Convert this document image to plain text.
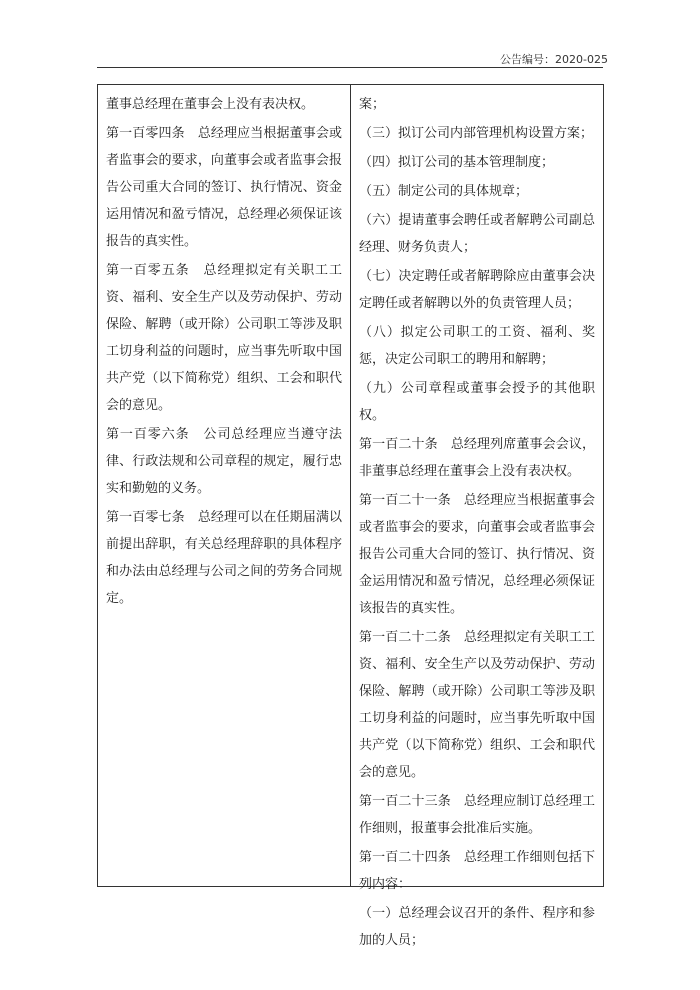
公告编号：2020-025

董事总经理在董事会上没有表决权。

第一百零四条　总经理应当根据董事会或者监事会的要求，向董事会或者监事会报告公司重大合同的签订、执行情况、资金运用情况和盈亏情况，总经理必须保证该报告的真实性。

第一百零五条　总经理拟定有关职工工资、福利、安全生产以及劳动保护、劳动保险、解聘（或开除）公司职工等涉及职工切身利益的问题时，应当事先听取中国共产党（以下简称党）组织、工会和职代会的意见。

第一百零六条　公司总经理应当遵守法律、行政法规和公司章程的规定，履行忠实和勤勉的义务。

第一百零七条　总经理可以在任期届满以前提出辞职，有关总经理辞职的具体程序和办法由总经理与公司之间的劳务合同规定。

案；

（三）拟订公司内部管理机构设置方案；

（四）拟订公司的基本管理制度；

（五）制定公司的具体规章；

（六）提请董事会聘任或者解聘公司副总经理、财务负责人；

（七）决定聘任或者解聘除应由董事会决定聘任或者解聘以外的负责管理人员；

（八）拟定公司职工的工资、福利、奖惩，决定公司职工的聘用和解聘；

（九）公司章程或董事会授予的其他职权。

第一百二十条　总经理列席董事会会议，非董事总经理在董事会上没有表决权。

第一百二十一条　总经理应当根据董事会或者监事会的要求，向董事会或者监事会报告公司重大合同的签订、执行情况、资金运用情况和盈亏情况，总经理必须保证该报告的真实性。

第一百二十二条　总经理拟定有关职工工资、福利、安全生产以及劳动保护、劳动保险、解聘（或开除）公司职工等涉及职工切身利益的问题时，应当事先听取中国共产党（以下简称党）组织、工会和职代会的意见。

第一百二十三条　总经理应制订总经理工作细则，报董事会批准后实施。

第一百二十四条　总经理工作细则包括下列内容：

（一）总经理会议召开的条件、程序和参加的人员；
